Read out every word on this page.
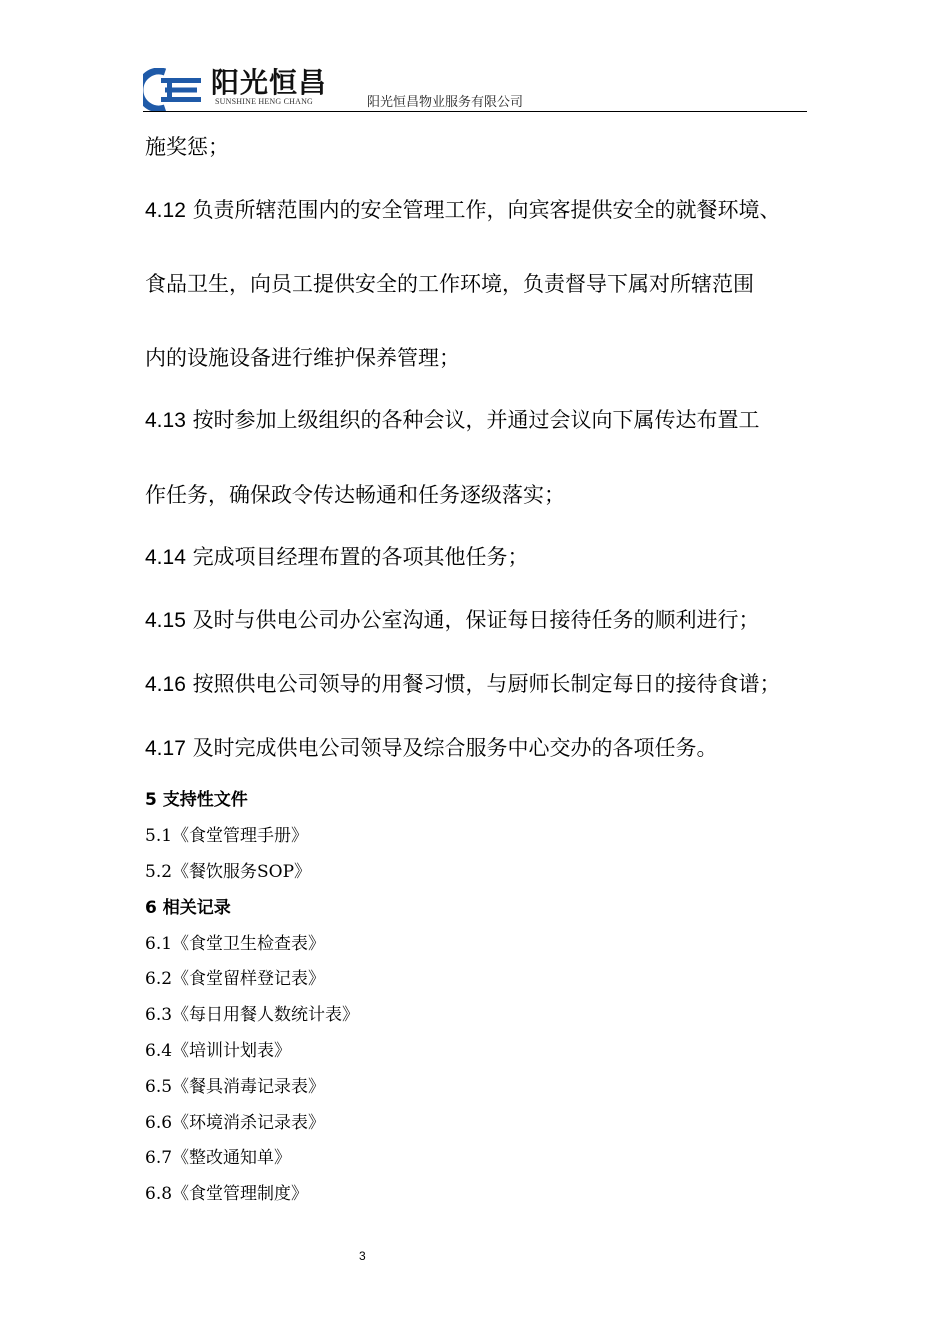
阳光恒昌
SUNSHINE HENG CHANG	阳光恒昌物业服务有限公司
施奖惩；
4.12 负责所辖范围内的安全管理工作，向宾客提供安全的就餐环境、
食品卫生，向员工提供安全的工作环境，负责督导下属对所辖范围
内的设施设备进行维护保养管理；
4.13 按时参加上级组织的各种会议，并通过会议向下属传达布置工
作任务，确保政令传达畅通和任务逐级落实；
4.14 完成项目经理布置的各项其他任务；
4.15 及时与供电公司办公室沟通，保证每日接待任务的顺利进行；
4.16 按照供电公司领导的用餐习惯，与厨师长制定每日的接待食谱；
4.17 及时完成供电公司领导及综合服务中心交办的各项任务。
5 支持性文件
5.1《食堂管理手册》
5.2《餐饮服务SOP》
6 相关记录
6.1《食堂卫生检查表》
6.2《食堂留样登记表》
6.3《每日用餐人数统计表》
6.4《培训计划表》
6.5《餐具消毒记录表》
6.6《环境消杀记录表》
6.7《整改通知单》
6.8《食堂管理制度》
3
